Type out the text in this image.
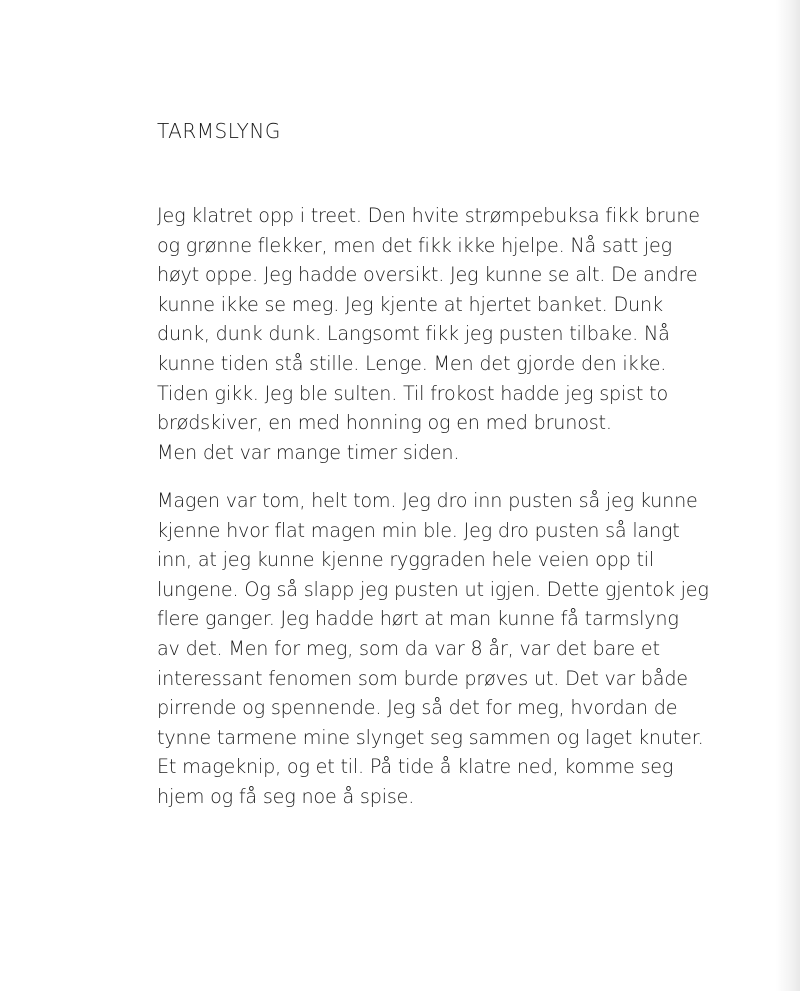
TARMSLYNG

Jeg klatret opp i treet. Den hvite strømpebuksa fikk brune
og grønne flekker, men det fikk ikke hjelpe. Nå satt jeg
høyt oppe. Jeg hadde oversikt. Jeg kunne se alt. De andre
kunne ikke se meg. Jeg kjente at hjertet banket. Dunk
dunk, dunk dunk. Langsomt fikk jeg pusten tilbake. Nå
kunne tiden stå stille. Lenge. Men det gjorde den ikke.
Tiden gikk. Jeg ble sulten. Til frokost hadde jeg spist to
brødskiver, en med honning og en med brunost.
Men det var mange timer siden.

Magen var tom, helt tom. Jeg dro inn pusten så jeg kunne
kjenne hvor flat magen min ble. Jeg dro pusten så langt
inn, at jeg kunne kjenne ryggraden hele veien opp til
lungene. Og så slapp jeg pusten ut igjen. Dette gjentok jeg
flere ganger. Jeg hadde hørt at man kunne få tarmslyng
av det. Men for meg, som da var 8 år, var det bare et
interessant fenomen som burde prøves ut. Det var både
pirrende og spennende. Jeg så det for meg, hvordan de
tynne tarmene mine slynget seg sammen og laget knuter.
Et mageknip, og et til. På tide å klatre ned, komme seg
hjem og få seg noe å spise.
